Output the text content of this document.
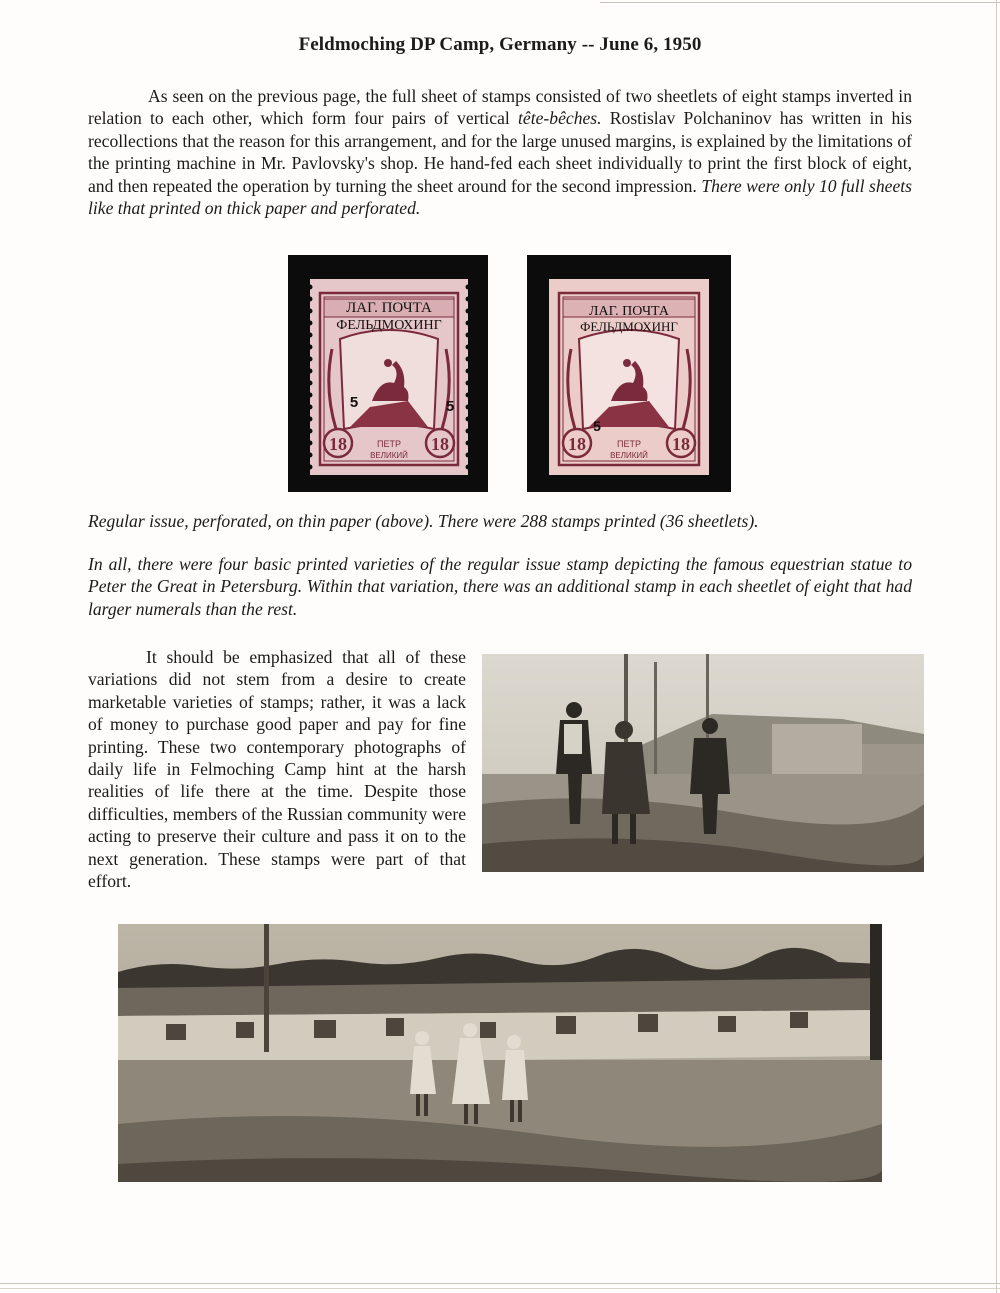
Feldmoching DP Camp, Germany -- June 6, 1950

As seen on the previous page, the full sheet of stamps consisted of two sheetlets of eight stamps inverted in relation to each other, which form four pairs of vertical tête-bêches. Rostislav Polchaninov has written in his recollections that the reason for this arrangement, and for the large unused margins, is explained by the limitations of the printing machine in Mr. Pavlovsky's shop. He hand-fed each sheet individually to print the first block of eight, and then repeated the operation by turning the sheet around for the second impression. There were only 10 full sheets like that printed on thick paper and perforated.

18	18
ПЕТР
ВЕЛИКИЙ
ЛАГ. ПОЧТА
ФЕЛЬДМОХИНГ
5	5
18	18
ПЕТР
ВЕЛИКИЙ
ЛАГ. ПОЧТА
ФЕЛЬДМОХИНГ
5

Regular issue, perforated, on thin paper (above). There were 288 stamps printed (36 sheetlets).

In all, there were four basic printed varieties of the regular issue stamp depicting the famous equestrian statue to Peter the Great in Petersburg. Within that variation, there was an additional stamp in each sheetlet of eight that had larger numerals than the rest.

It should be emphasized that all of these variations did not stem from a desire to create marketable varieties of stamps; rather, it was a lack of money to purchase good paper and pay for fine printing. These two contemporary photographs of daily life in Felmoching Camp hint at the harsh realities of life there at the time. Despite those difficulties, members of the Russian community were acting to preserve their culture and pass it on to the next generation. These stamps were part of that effort.
